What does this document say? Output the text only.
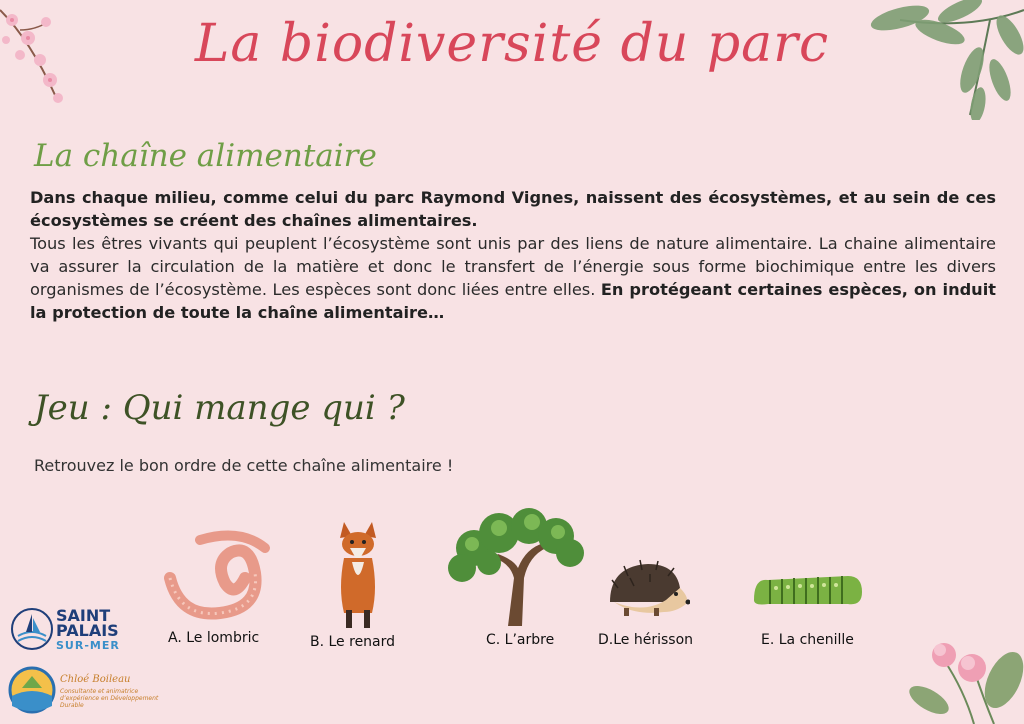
La biodiversité du parc
La chaîne alimentaire
Dans chaque milieu, comme celui du parc Raymond Vignes, naissent des écosystèmes, et au sein de ces écosystèmes se créent des chaînes alimentaires.
Tous les êtres vivants qui peuplent l’écosystème sont unis par des liens de nature alimentaire. La chaine alimentaire va assurer la circulation de la matière et donc le transfert de l’énergie sous forme biochimique entre les divers organismes de l’écosystème. Les espèces sont donc liées entre elles. En protégeant certaines espèces, on induit la protection de toute la chaîne alimentaire…
Jeu : Qui mange qui ?
Retrouvez le bon ordre de cette chaîne alimentaire !
A. Le lombric	B. Le renard	C. L’arbre	D.Le hérisson	E. La chenille
SAINT
PALAIS
SUR-MER
Chloé Boileau
Consultante et animatrice d’expérience en Développement Durable
